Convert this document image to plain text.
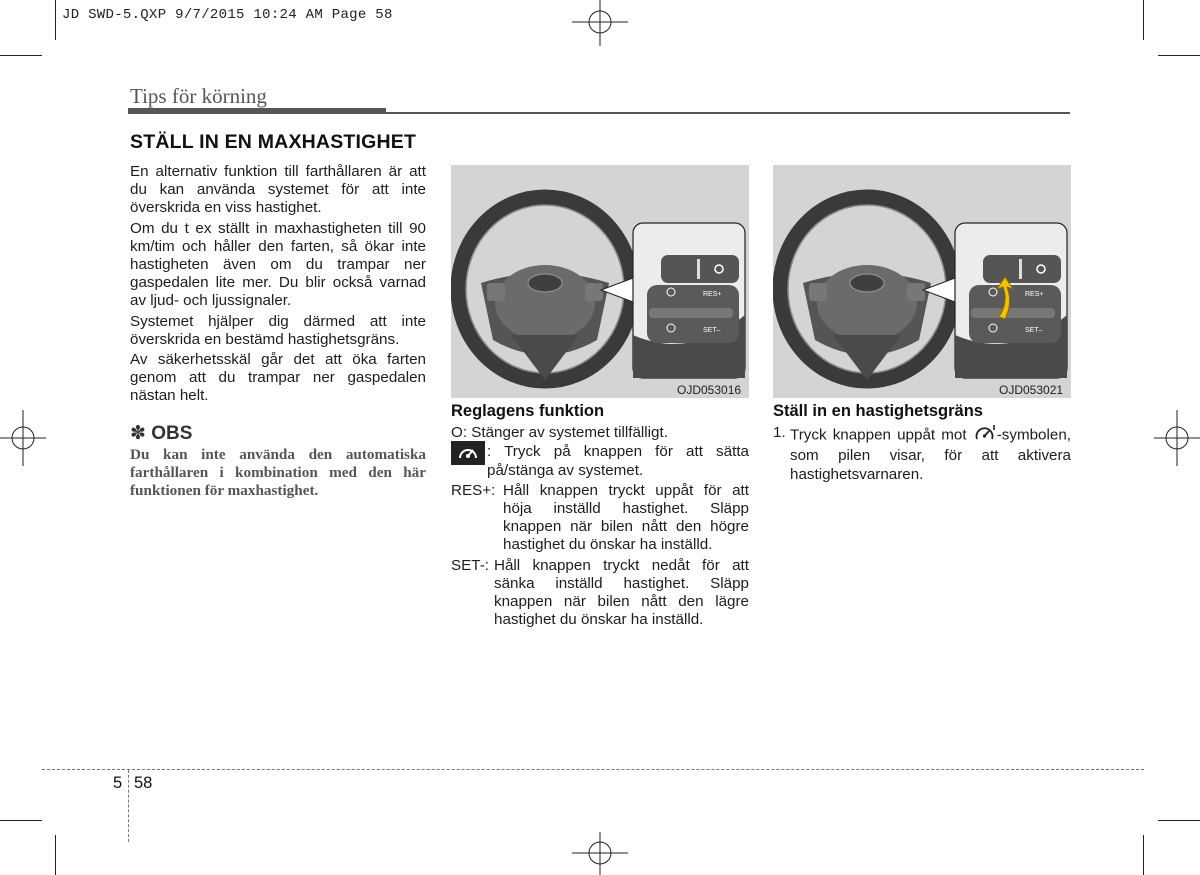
JD SWD-5.QXP 9/7/2015 10:24 AM Page 58
Tips för körning
STÄLL IN EN MAXHASTIGHET

En alternativ funktion till farthållaren är att du kan använda systemet för att inte överskrida en viss hastighet.

Om du t ex ställt in maxhastigheten till 90 km/tim och håller den farten, så ökar inte hastigheten även om du trampar ner gaspedalen lite mer. Du blir också varnad av ljud- och ljussignaler.

Systemet hjälper dig därmed att inte överskrida en bestämd hastighetsgräns.

Av säkerhetsskäl går det att öka farten genom att du trampar ner gaspedalen nästan helt.

✽ OBS
Du kan inte använda den automatiska farthållaren i kombination med den här funktionen för maxhastighet.
RES+
SET–
OJD053016
RES+
SET–
OJD053021
Reglagens funktion
O: Stänger av systemet tillfälligt.
: Tryck på knappen för att sätta på/stänga av systemet.
RES+: Håll knappen tryckt uppåt för att höja inställd hastighet. Släpp knappen när bilen nått den högre hastighet du önskar ha inställd.
SET-: Håll knappen tryckt nedåt för att sänka inställd hastighet. Släpp knappen när bilen nått den lägre hastighet du önskar ha inställd.
Ställ in en hastighetsgräns
1. Tryck knappen uppåt mot -symbolen, som pilen visar, för att aktivera hastighetsvarnaren.
5 58
